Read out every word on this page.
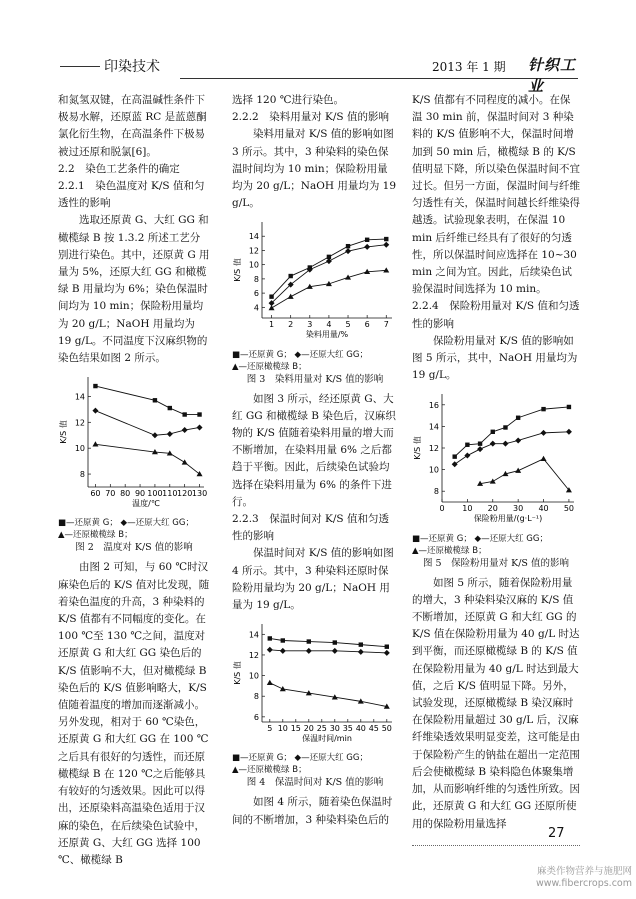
印染技术	2013 年 1 期 针织工业

和氮氢双键，在高温碱性条件下极易水解，还原蓝 RC 是蓝蒽酮氯化衍生物，在高温条件下极易被过还原和脱氯[6]。

2.2　染色工艺条件的确定
2.2.1　染色温度对 K/S 值和匀透性的影响

选取还原黄 G、大红 GG 和橄榄绿 B 按 1.3.2 所述工艺分别进行染色。其中，还原黄 G 用量为 5%，还原大红 GG 和橄榄绿 B 用量均为 6%；染色保温时间均为 10 min；保险粉用量均为 20 g/L；NaOH 用量均为 19 g/L。不同温度下汉麻织物的染色结果如图 2 所示。

8
10
12
14
60 70 80 90 100 110 120 130
温度/℃
K/S 值
■—还原黄 G； ◆—还原大红 GG；
▲—还原橄榄绿 B；
图 2　温度对 K/S 值的影响

由图 2 可知，与 60 ℃时汉麻染色后的 K/S 值对比发现，随着染色温度的升高，3 种染料的 K/S 值都有不同幅度的变化。在 100 ℃至 130 ℃之间，温度对还原黄 G 和大红 GG 染色后的 K/S 值影响不大，但对橄榄绿 B 染色后的 K/S 值影响略大，K/S 值随着温度的增加而逐渐减小。另外发现，相对于 60 ℃染色，还原黄 G 和大红 GG 在 100 ℃之后具有很好的匀透性，而还原橄榄绿 B 在 120 ℃之后能够具有较好的匀透效果。因此可以得出，还原染料高温染色适用于汉麻的染色，在后续染色试验中，还原黄 G、大红 GG 选择 100 ℃、橄榄绿 B

选择 120 ℃进行染色。

2.2.2　染料用量对 K/S 值的影响

染料用量对 K/S 值的影响如图 3 所示。其中，3 种染料的染色保温时间均为 10 min；保险粉用量均为 20 g/L；NaOH 用量均为 19 g/L。

4
6
8
10
12
14
1 2 3 4 5 6 7
染料用量/%
K/S 值
■—还原黄 G； ◆—还原大红 GG；
▲—还原橄榄绿 B；
图 3　染料用量对 K/S 值的影响

如图 3 所示，经还原黄 G、大红 GG 和橄榄绿 B 染色后，汉麻织物的 K/S 值随着染料用量的增大而不断增加，在染料用量 6% 之后都趋于平衡。因此，后续染色试验均选择在染料用量为 6% 的条件下进行。

2.2.3　保温时间对 K/S 值和匀透性的影响

保温时间对 K/S 值的影响如图 4 所示。其中，3 种染料还原时保险粉用量均为 20 g/L；NaOH 用量为 19 g/L。

6
8
10
12
14
5 10 15 20 25 30 35 40 45 50
保温时间/min
K/S 值
■—还原黄 G； ◆—还原大红 GG；
▲—还原橄榄绿 B；
图 4　保温时间对 K/S 值的影响

如图 4 所示，随着染色保温时间的不断增加，3 种染料染色后的

K/S 值都有不同程度的减小。在保温 30 min 前，保温时间对 3 种染料的 K/S 值影响不大，保温时间增加到 50 min 后，橄榄绿 B 的 K/S 值明显下降，所以染色保温时间不宜过长。但另一方面，保温时间与纤维匀透性有关，保温时间越长纤维染得越透。试验现象表明，在保温 10 min 后纤维已经具有了很好的匀透性，所以保温时间应选择在 10~30 min 之间为宜。因此，后续染色试验保温时间选择为 10 min。

2.2.4　保险粉用量对 K/S 值和匀透性的影响

保险粉用量对 K/S 值的影响如图 5 所示，其中，NaOH 用量均为 19 g/L。

8
10
12
14
16
0 10 20 30 40 50
保险粉用量/(g·L⁻¹)
K/S 值
■—还原黄 G； ◆—还原大红 GG；
▲—还原橄榄绿 B；
图 5　保险粉用量对 K/S 值的影响

如图 5 所示，随着保险粉用量的增大，3 种染料染汉麻的 K/S 值不断增加，还原黄 G 和大红 GG 的 K/S 值在保险粉用量为 40 g/L 时达到平衡，而还原橄榄绿 B 的 K/S 值在保险粉用量为 40 g/L 时达到最大值，之后 K/S 值明显下降。另外，试验发现，还原橄榄绿 B 染汉麻时在保险粉用量超过 30 g/L 后，汉麻纤维染透效果明显变差，这可能是由于保险粉产生的钠盐在超出一定范围后会使橄榄绿 B 染料隐色体聚集增加，从而影响纤维的匀透性所致。因此，还原黄 G 和大红 GG 还原所使用的保险粉用量选择

27
麻类作物营养与施肥网
www.fibercrops.com
